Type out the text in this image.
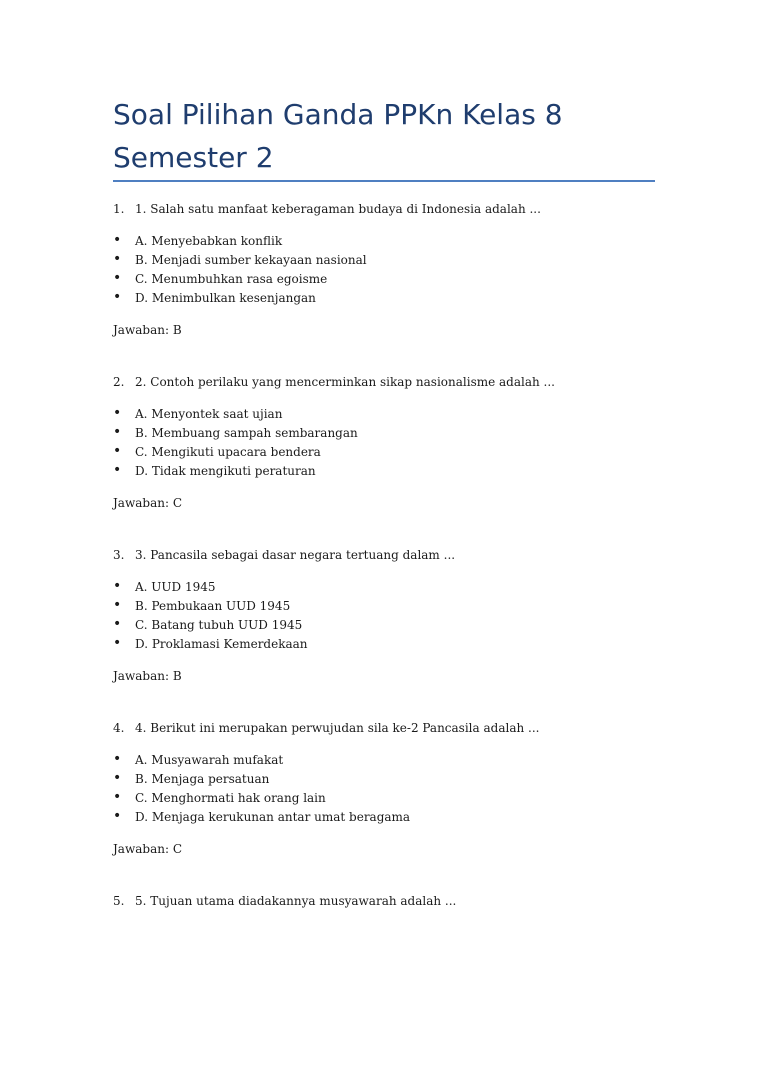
Soal Pilihan Ganda PPKn Kelas 8 Semester 2
1. 1. Salah satu manfaat keberagaman budaya di Indonesia adalah ...
• A. Menyebabkan konflik
• B. Menjadi sumber kekayaan nasional
• C. Menumbuhkan rasa egoisme
• D. Menimbulkan kesenjangan
Jawaban: B
2. 2. Contoh perilaku yang mencerminkan sikap nasionalisme adalah ...
• A. Menyontek saat ujian
• B. Membuang sampah sembarangan
• C. Mengikuti upacara bendera
• D. Tidak mengikuti peraturan
Jawaban: C
3. 3. Pancasila sebagai dasar negara tertuang dalam ...
• A. UUD 1945
• B. Pembukaan UUD 1945
• C. Batang tubuh UUD 1945
• D. Proklamasi Kemerdekaan
Jawaban: B
4. 4. Berikut ini merupakan perwujudan sila ke-2 Pancasila adalah ...
• A. Musyawarah mufakat
• B. Menjaga persatuan
• C. Menghormati hak orang lain
• D. Menjaga kerukunan antar umat beragama
Jawaban: C
5. 5. Tujuan utama diadakannya musyawarah adalah ...
